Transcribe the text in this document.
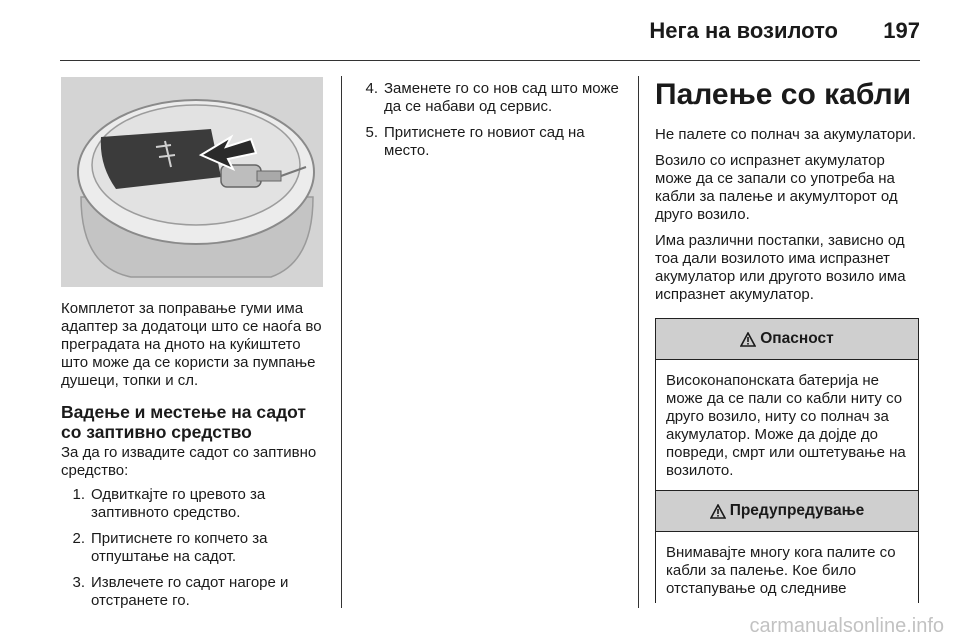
Нега на возилото 197

Комплетот за поправање гуми има адаптер за додатоци што се наоѓа во преградата на дното на куќиштето што може да се користи за пумпање душеци, топки и сл.

Вадење и местење на садот со заптивно средство

За да го извадите садот со заптивно средство:

1. Одвиткајте го цревото за заптивното средство.
2. Притиснете го копчето за отпуштање на садот.
3. Извлечете го садот нагоре и отстранете го.
4. Заменете го со нов сад што може да се набави од сервис.
5. Притиснете го новиот сад на место.
Палење со кабли

Не палете со полнач за акумулатори.

Возило со испразнет акумулатор може да се запали со употреба на кабли за палење и акумулторот од друго возило.

Има различни постапки, зависно од тоа дали возилото има испразнет акумулатор или другото возило има испразнет акумулатор.

Опасност
Високонапонската батерија не може да се пали со кабли ниту со друго возило, ниту со полнач за акумулатор. Може да дојде до повреди, смрт или оштетување на возилото.
Предупредување
Внимавајте многу кога палите со кабли за палење. Кое било отстапување од следниве
carmanualsonline.info
